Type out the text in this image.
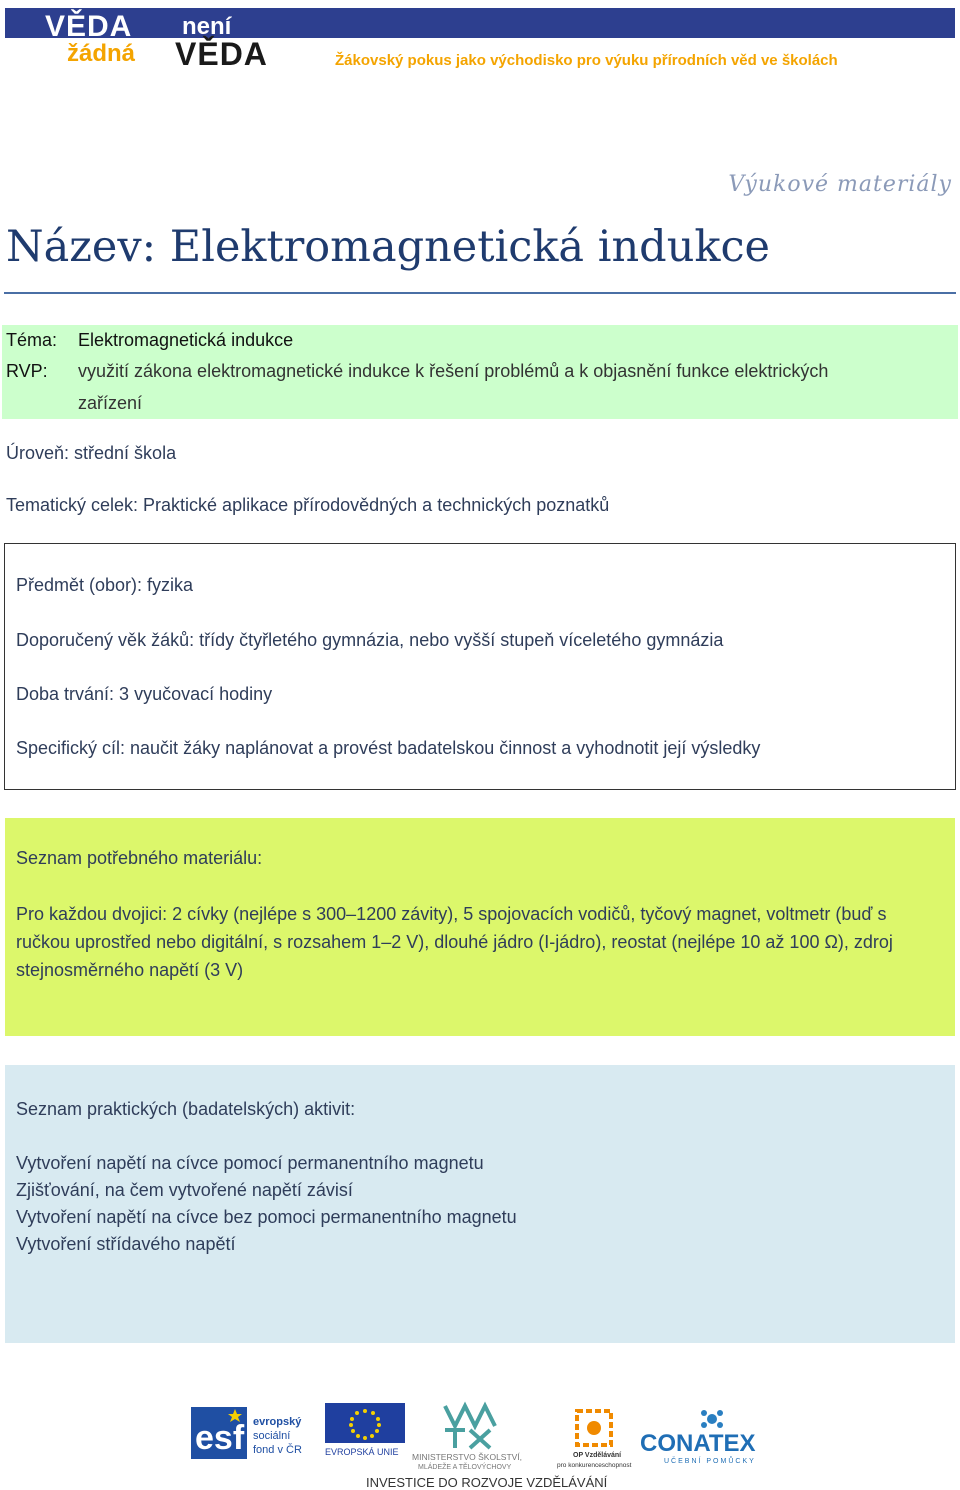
VĚDA není
žádná VĚDA	Žákovský pokus jako východisko pro výuku přírodních věd ve školách
Výukové materiály
Název: Elektromagnetická indukce
Téma: Elektromagnetická indukce
RVP: využití zákona elektromagnetické indukce k řešení problémů a k objasnění funkce elektrických
zařízení
Úroveň: střední škola
Tematický celek: Praktické aplikace přírodovědných a technických poznatků
Předmět (obor): fyzika
Doporučený věk žáků: třídy čtyřletého gymnázia, nebo vyšší stupeň víceletého gymnázia
Doba trvání: 3 vyučovací hodiny
Specifický cíl: naučit žáky naplánovat a provést badatelskou činnost a vyhodnotit její výsledky
Seznam potřebného materiálu:
Pro každou dvojici: 2 cívky (nejlépe s 300–1200 závity), 5 spojovacích vodičů, tyčový magnet, voltmetr (buď s ručkou uprostřed nebo digitální, s rozsahem 1–2 V), dlouhé jádro (I-jádro), reostat (nejlépe 10 až 100 Ω), zdroj stejnosměrného napětí (3 V)
Seznam praktických (badatelských) aktivit:
Vytvoření napětí na cívce pomocí permanentního magnetu
Zjišťování, na čem vytvořené napětí závisí
Vytvoření napětí na cívce bez pomoci permanentního magnetu
Vytvoření střídavého napětí
esf evropský
sociální
fond v ČR	EVROPSKÁ UNIE MINISTERSTVO ŠKOLSTVÍ,
MLÁDEŽE A TĚLOVÝCHOVY
OP Vzdělávání
pro konkurenceschopnost
CONATEX
UČEBNÍ POMŮCKY
INVESTICE DO ROZVOJE VZDĚLÁVÁNÍ
